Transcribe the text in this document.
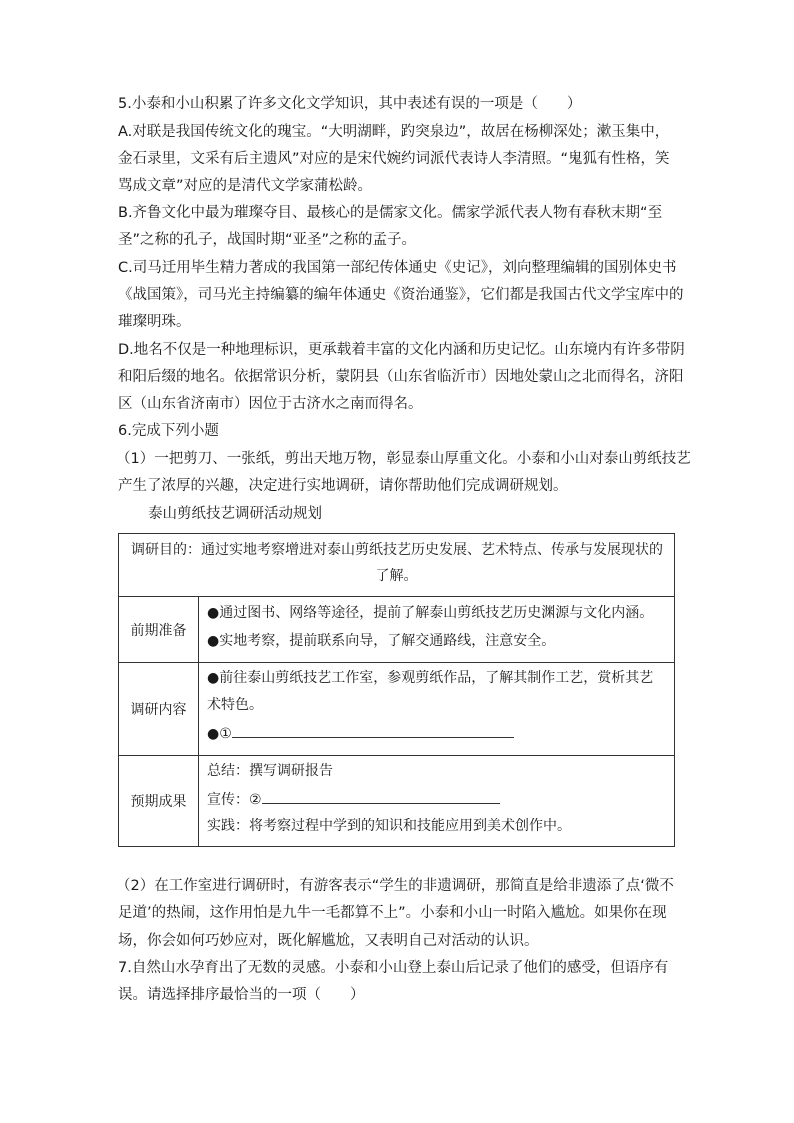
5.小泰和小山积累了许多文化文学知识，其中表述有误的一项是（　　）
A.对联是我国传统文化的瑰宝。“大明湖畔，趵突泉边”，故居在杨柳深处；漱玉集中，
金石录里，文采有后主遗风”对应的是宋代婉约词派代表诗人李清照。“鬼狐有性格，笑
骂成文章”对应的是清代文学家蒲松龄。
B.齐鲁文化中最为璀璨夺目、最核心的是儒家文化。儒家学派代表人物有春秋末期“至
圣”之称的孔子，战国时期“亚圣”之称的孟子。
C.司马迁用毕生精力著成的我国第一部纪传体通史《史记》，刘向整理编辑的国别体史书
《战国策》，司马光主持编纂的编年体通史《资治通鉴》，它们都是我国古代文学宝库中的
璀璨明珠。
D.地名不仅是一种地理标识，更承载着丰富的文化内涵和历史记忆。山东境内有许多带阴
和阳后缀的地名。依据常识分析，蒙阴县（山东省临沂市）因地处蒙山之北而得名，济阳
区（山东省济南市）因位于古济水之南而得名。
6.完成下列小题
（1）一把剪刀、一张纸，剪出天地万物，彰显泰山厚重文化。小泰和小山对泰山剪纸技艺
产生了浓厚的兴趣，决定进行实地调研，请你帮助他们完成调研规划。
泰山剪纸技艺调研活动规划
调研目的：通过实地考察增进对泰山剪纸技艺历史发展、艺术特点、传承与发展现状的
了解。
前期准备
●通过图书、网络等途径，提前了解泰山剪纸技艺历史渊源与文化内涵。
●实地考察，提前联系向导，了解交通路线，注意安全。
调研内容
●前往泰山剪纸技艺工作室，参观剪纸作品，了解其制作工艺，赏析其艺
术特色。
●①
预期成果
总结：撰写调研报告
宣传：②
实践：将考察过程中学到的知识和技能应用到美术创作中。
（2）在工作室进行调研时，有游客表示“学生的非遗调研，那简直是给非遗添了点‘微不
足道’的热闹，这作用怕是九牛一毛都算不上”。小泰和小山一时陷入尴尬。如果你在现
场，你会如何巧妙应对，既化解尴尬，又表明自己对活动的认识。
7.自然山水孕育出了无数的灵感。小泰和小山登上泰山后记录了他们的感受，但语序有
误。请选择排序最恰当的一项（　　）
